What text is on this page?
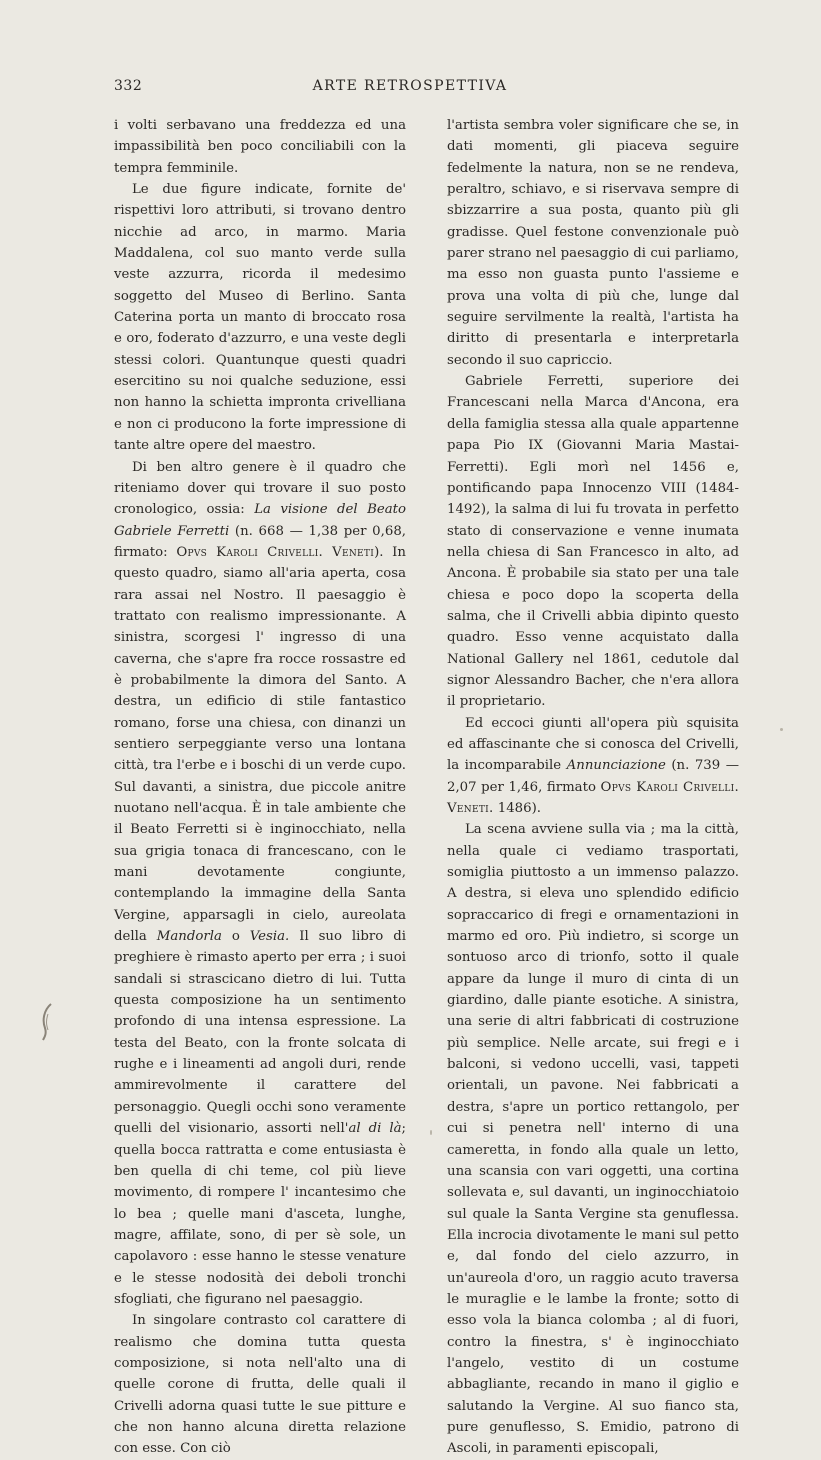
332	ARTE RETROSPETTIVA

i volti serbavano una freddezza ed una impassibilità ben poco conciliabili con la tempra femminile.

Le due figure indicate, fornite de' rispettivi loro attributi, si trovano dentro nicchie ad arco, in marmo. Maria Maddalena, col suo manto verde sulla veste azzurra, ricorda il medesimo soggetto del Museo di Berlino. Santa Caterina porta un manto di broccato rosa e oro, foderato d'azzurro, e una veste degli stessi colori. Quantunque questi quadri esercitino su noi qualche seduzione, essi non hanno la schietta impronta crivelliana e non ci producono la forte impressione di tante altre opere del maestro.

Di ben altro genere è il quadro che riteniamo dover qui trovare il suo posto cronologico, ossia: La visione del Beato Gabriele Ferretti (n. 668 — 1,38 per 0,68, firmato: Opvs Karoli Crivelli. Veneti). In questo quadro, siamo all'aria aperta, cosa rara assai nel Nostro. Il paesaggio è trattato con realismo impressionante. A sinistra, scorgesi l' ingresso di una caverna, che s'apre fra rocce rossastre ed è probabilmente la dimora del Santo. A destra, un edificio di stile fantastico romano, forse una chiesa, con dinanzi un sentiero serpeggiante verso una lontana città, tra l'erbe e i boschi di un verde cupo. Sul davanti, a sinistra, due piccole anitre nuotano nell'acqua. È in tale ambiente che il Beato Ferretti si è inginocchiato, nella sua grigia tonaca di francescano, con le mani devotamente congiunte, contemplando la immagine della Santa Vergine, apparsagli in cielo, aureolata della Mandorla o Vesia. Il suo libro di preghiere è rimasto aperto per erra ; i suoi sandali si strascicano dietro di lui. Tutta questa composizione ha un sentimento profondo di una intensa espressione. La testa del Beato, con la fronte solcata di rughe e i lineamenti ad angoli duri, rende ammirevolmente il carattere del personaggio. Quegli occhi sono veramente quelli del visionario, assorti nell'al di là; quella bocca rattratta e come entusiasta è ben quella di chi teme, col più lieve movimento, di rompere l' incantesimo che lo bea ; quelle mani d'asceta, lunghe, magre, affilate, sono, di per sè sole, un capolavoro : esse hanno le stesse venature e le stesse nodosità dei deboli tronchi sfogliati, che figurano nel paesaggio.

In singolare contrasto col carattere di realismo che domina tutta questa composizione, si nota nell'alto una di quelle corone di frutta, delle quali il Crivelli adorna quasi tutte le sue pitture e che non hanno alcuna diretta relazione con esse. Con ciò

l'artista sembra voler significare che se, in dati momenti, gli piaceva seguire fedelmente la natura, non se ne rendeva, peraltro, schiavo, e si riservava sempre di sbizzarrire a sua posta, quanto più gli gradisse. Quel festone convenzionale può parer strano nel paesaggio di cui parliamo, ma esso non guasta punto l'assieme e prova una volta di più che, lunge dal seguire servilmente la realtà, l'artista ha diritto di presentarla e interpretarla secondo il suo capriccio.

Gabriele Ferretti, superiore dei Francescani nella Marca d'Ancona, era della famiglia stessa alla quale appartenne papa Pio IX (Giovanni Maria Mastai-Ferretti). Egli morì nel 1456 e, pontificando papa Innocenzo VIII (1484-1492), la salma di lui fu trovata in perfetto stato di conservazione e venne inumata nella chiesa di San Francesco in alto, ad Ancona. È probabile sia stato per una tale chiesa e poco dopo la scoperta della salma, che il Crivelli abbia dipinto questo quadro. Esso venne acquistato dalla National Gallery nel 1861, cedutole dal signor Alessandro Bacher, che n'era allora il proprietario.

Ed eccoci giunti all'opera più squisita ed affascinante che si conosca del Crivelli, la incomparabile Annunciazione (n. 739 — 2,07 per 1,46, firmato Opvs Karoli Crivelli. Veneti. 1486).

La scena avviene sulla via ; ma la città, nella quale ci vediamo trasportati, somiglia piuttosto a un immenso palazzo. A destra, si eleva uno splendido edificio sopraccarico di fregi e ornamentazioni in marmo ed oro. Più indietro, si scorge un sontuoso arco di trionfo, sotto il quale appare da lunge il muro di cinta di un giardino, dalle piante esotiche. A sinistra, una serie di altri fabbricati di costruzione più semplice. Nelle arcate, sui fregi e i balconi, si vedono uccelli, vasi, tappeti orientali, un pavone. Nei fabbricati a destra, s'apre un portico rettangolo, per cui si penetra nell' interno di una cameretta, in fondo alla quale un letto, una scansia con vari oggetti, una cortina sollevata e, sul davanti, un inginocchiatoio sul quale la Santa Vergine sta genuflessa. Ella incrocia divotamente le mani sul petto e, dal fondo del cielo azzurro, in un'aureola d'oro, un raggio acuto traversa le muraglie e le lambe la fronte; sotto di esso vola la bianca colomba ; al di fuori, contro la finestra, s' è inginocchiato l'angelo, vestito di un costume abbagliante, recando in mano il giglio e salutando la Vergine. Al suo fianco sta, pure genuflesso, S. Emidio, patrono di Ascoli, in paramenti episcopali,
